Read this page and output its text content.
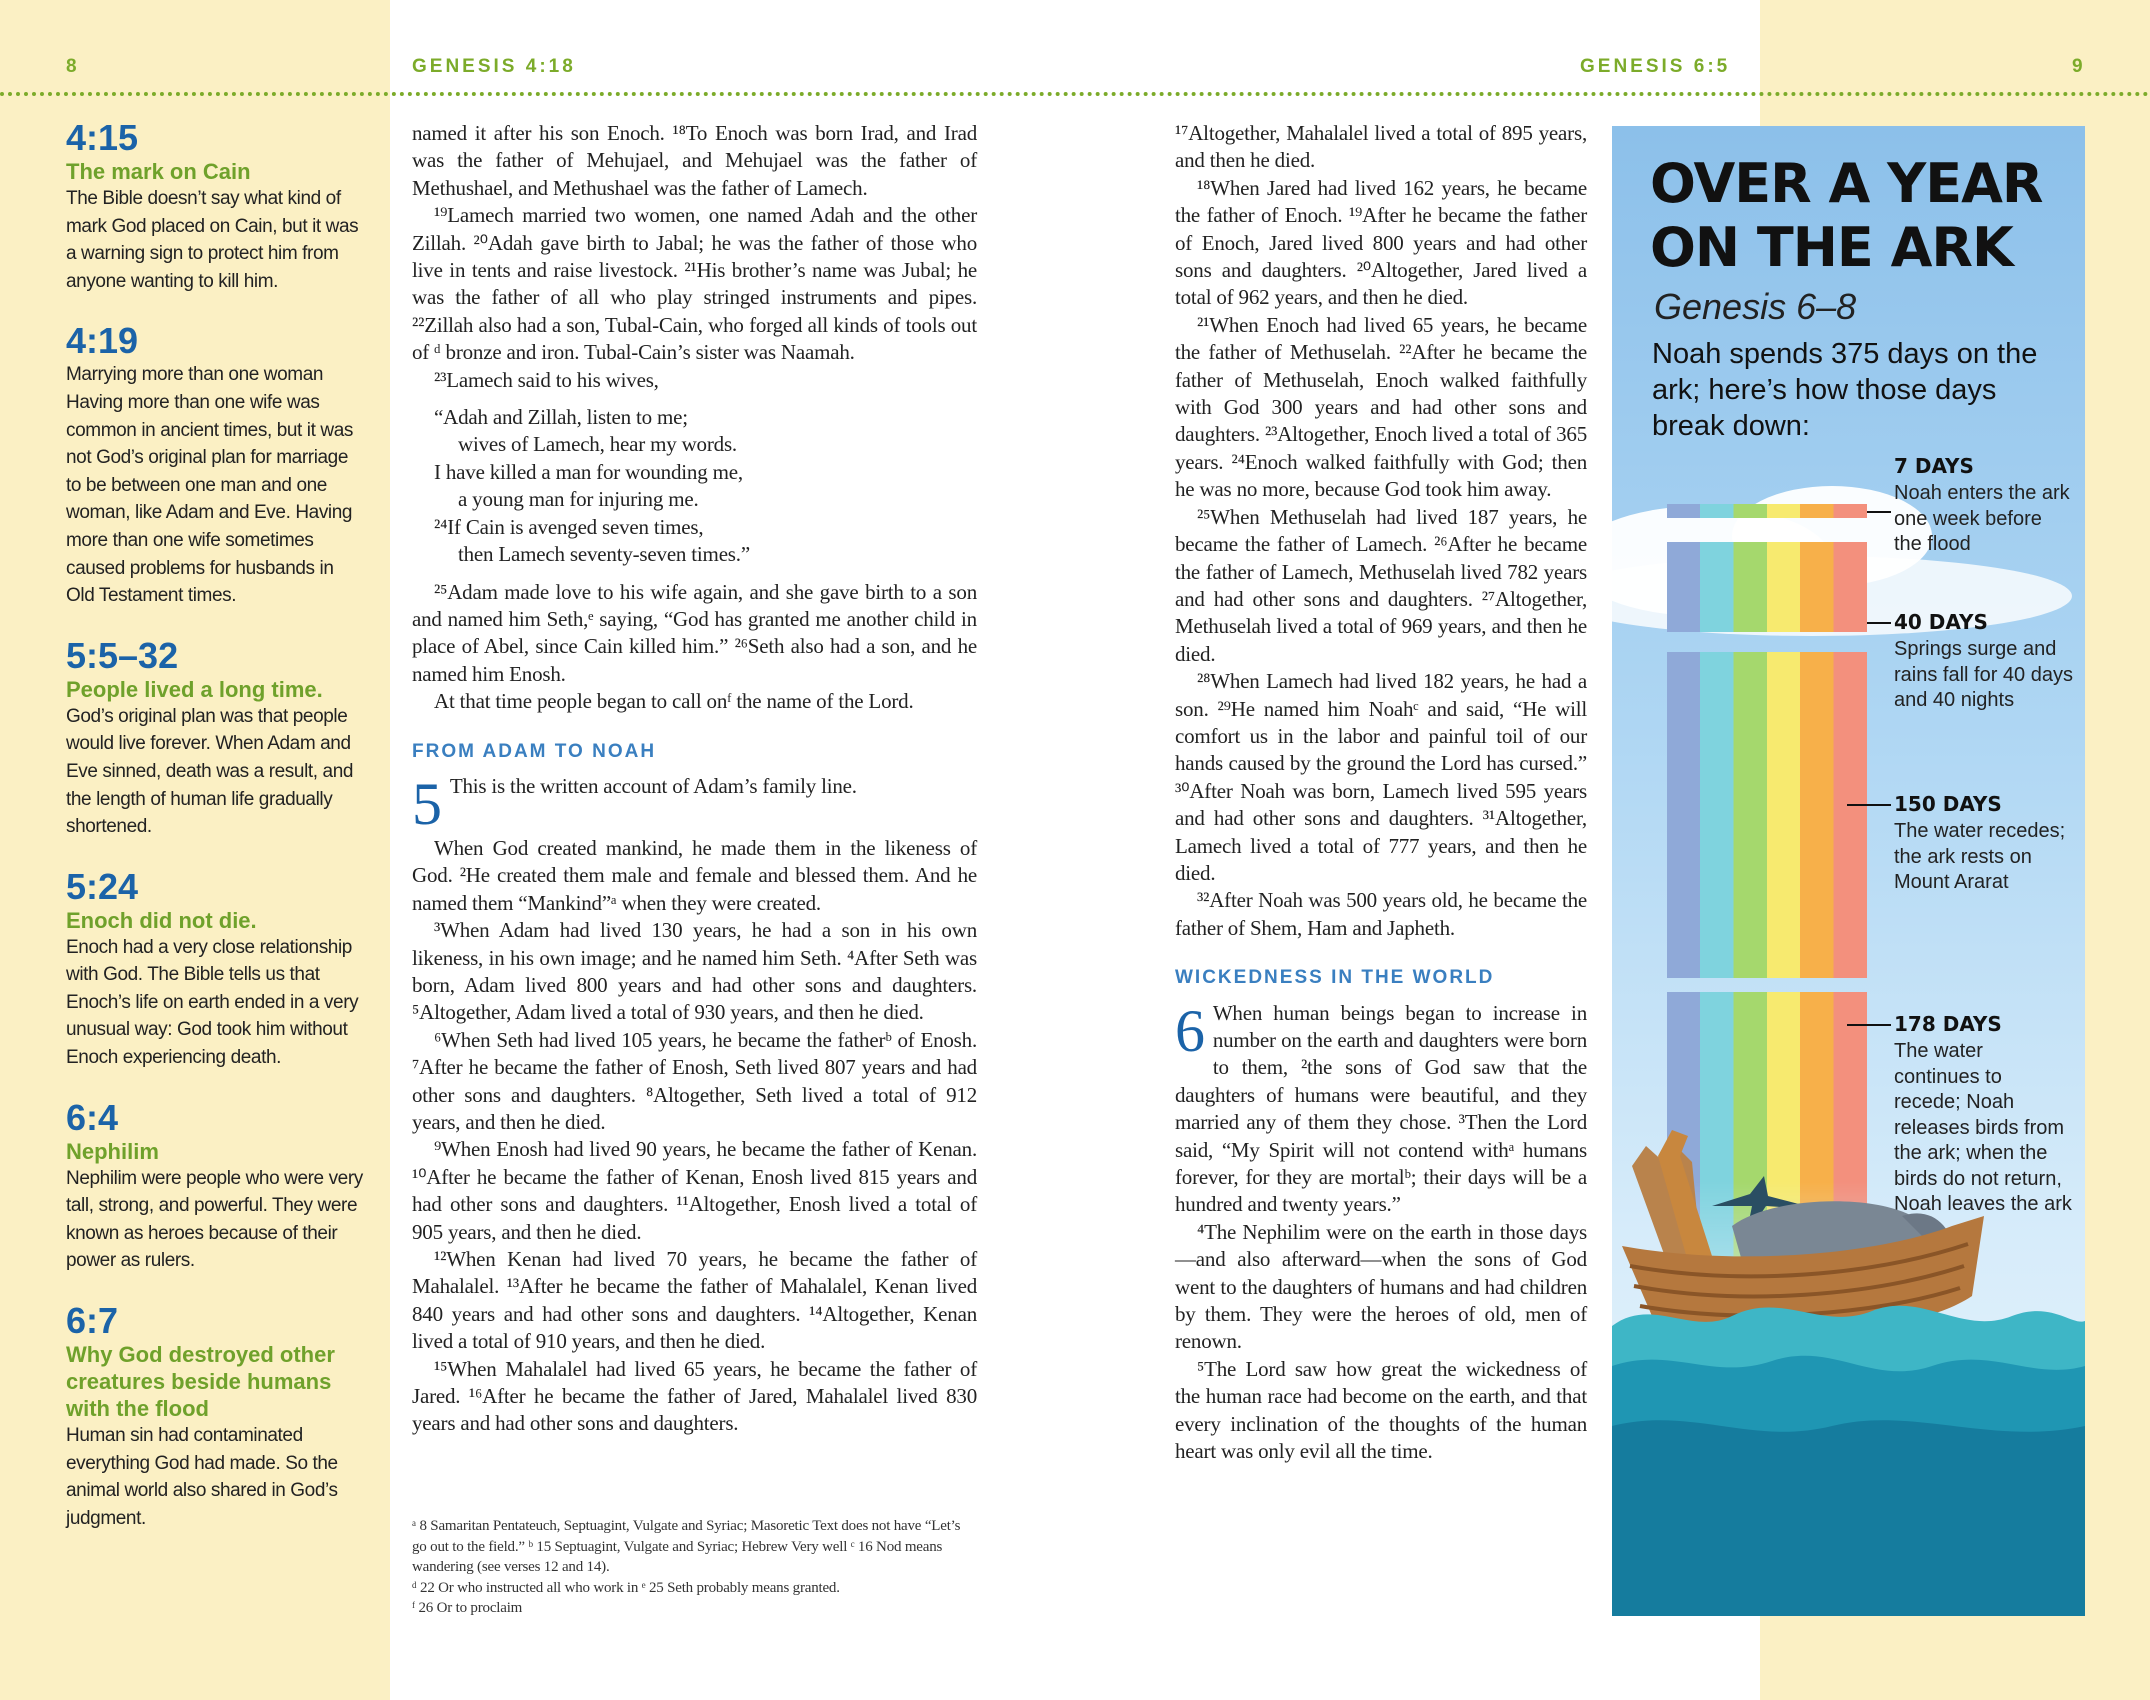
8	GENESIS 4:18	GENESIS 6:5	9
4:15
The mark on Cain
The Bible doesn’t say what kind of mark God placed on Cain, but it was a warning sign to protect him from anyone wanting to kill him.
4:19
Marrying more than one woman Having more than one wife was common in ancient times, but it was not God’s original plan for marriage to be between one man and one woman, like Adam and Eve. Having more than one wife sometimes caused problems for husbands in Old Testament times.
5:5–32
People lived a long time.
God’s original plan was that people would live forever. When Adam and Eve sinned, death was a result, and the length of human life gradually shortened.
5:24
Enoch did not die.
Enoch had a very close relationship with God. The Bible tells us that Enoch’s life on earth ended in a very unusual way: God took him without Enoch experiencing death.
6:4
Nephilim
Nephilim were people who were very tall, strong, and powerful. They were known as heroes because of their power as rulers.
6:7
Why God destroyed other creatures beside humans with the flood
Human sin had contaminated everything God had made. So the animal world also shared in God’s judgment.

named it after his son Enoch. ¹⁸To Enoch was born Irad, and Irad was the father of Mehujael, and Mehujael was the father of Methushael, and Methushael was the father of Lamech.

¹⁹Lamech married two women, one named Adah and the other Zillah. ²⁰Adah gave birth to Jabal; he was the father of those who live in tents and raise livestock. ²¹His brother’s name was Jubal; he was the father of all who play stringed instruments and pipes. ²²Zillah also had a son, Tubal-Cain, who forged all kinds of tools out of ᵈ bronze and iron. Tubal-Cain’s sister was Naamah.

²³Lamech said to his wives,

“Adah and Zillah, listen to me;
wives of Lamech, hear my words.
I have killed a man for wounding me,
a young man for injuring me.
²⁴If Cain is avenged seven times,
then Lamech seventy-seven times.”

²⁵Adam made love to his wife again, and she gave birth to a son and named him Seth,ᵉ saying, “God has granted me another child in place of Abel, since Cain killed him.” ²⁶Seth also had a son, and he named him Enosh.

At that time people began to call onᶠ the name of the Lord.

FROM ADAM TO NOAH
5 This is the written account of Adam’s family line.

When God created mankind, he made them in the likeness of God. ²He created them male and female and blessed them. And he named them “Mankind”ᵃ when they were created.

³When Adam had lived 130 years, he had a son in his own likeness, in his own image; and he named him Seth. ⁴After Seth was born, Adam lived 800 years and had other sons and daughters. ⁵Altogether, Adam lived a total of 930 years, and then he died.

⁶When Seth had lived 105 years, he became the fatherᵇ of Enosh. ⁷After he became the father of Enosh, Seth lived 807 years and had other sons and daughters. ⁸Altogether, Seth lived a total of 912 years, and then he died.

⁹When Enosh had lived 90 years, he became the father of Kenan. ¹⁰After he became the father of Kenan, Enosh lived 815 years and had other sons and daughters. ¹¹Altogether, Enosh lived a total of 905 years, and then he died.

¹²When Kenan had lived 70 years, he became the father of Mahalalel. ¹³After he became the father of Mahalalel, Kenan lived 840 years and had other sons and daughters. ¹⁴Altogether, Kenan lived a total of 910 years, and then he died.

¹⁵When Mahalalel had lived 65 years, he became the father of Jared. ¹⁶After he became the father of Jared, Mahalalel lived 830 years and had other sons and daughters.

ᵃ 8 Samaritan Pentateuch, Septuagint, Vulgate and Syriac; Masoretic Text does not have “Let’s go out to the field.” ᵇ 15 Septuagint, Vulgate and Syriac; Hebrew Very well ᶜ 16 Nod means wandering (see verses 12 and 14).

ᵈ 22 Or who instructed all who work in ᵉ 25 Seth probably means granted.

ᶠ 26 Or to proclaim

¹⁷Altogether, Mahalalel lived a total of 895 years, and then he died.

¹⁸When Jared had lived 162 years, he became the father of Enoch. ¹⁹After he became the father of Enoch, Jared lived 800 years and had other sons and daughters. ²⁰Altogether, Jared lived a total of 962 years, and then he died.

²¹When Enoch had lived 65 years, he became the father of Methuselah. ²²After he became the father of Methuselah, Enoch walked faithfully with God 300 years and had other sons and daughters. ²³Altogether, Enoch lived a total of 365 years. ²⁴Enoch walked faithfully with God; then he was no more, because God took him away.

²⁵When Methuselah had lived 187 years, he became the father of Lamech. ²⁶After he became the father of Lamech, Methuselah lived 782 years and had other sons and daughters. ²⁷Altogether, Methuselah lived a total of 969 years, and then he died.

²⁸When Lamech had lived 182 years, he had a son. ²⁹He named him Noahᶜ and said, “He will comfort us in the labor and painful toil of our hands caused by the ground the Lord has cursed.” ³⁰After Noah was born, Lamech lived 595 years and had other sons and daughters. ³¹Altogether, Lamech lived a total of 777 years, and then he died.

³²After Noah was 500 years old, he became the father of Shem, Ham and Japheth.

WICKEDNESS IN THE WORLD
6 When human beings began to increase in number on the earth and daughters were born to them, ²the sons of God saw that the daughters of humans were beautiful, and they married any of them they chose. ³Then the Lord said, “My Spirit will not contend withᵃ humans forever, for they are mortalᵇ; their days will be a hundred and twenty years.”

⁴The Nephilim were on the earth in those days—and also afterward—when the sons of God went to the daughters of humans and had children by them. They were the heroes of old, men of renown.

⁵The Lord saw how great the wickedness of the human race had become on the earth, and that every inclination of the thoughts of the human heart was only evil all the time.

OVER A YEAR
ON THE ARK
Genesis 6–8
Noah spends 375 days on the ark; here’s how those days break down:
7 DAYS
Noah enters the ark one week before the flood
40 DAYS
Springs surge and rains fall for 40 days and 40 nights
150 DAYS
The water recedes; the ark rests on Mount Ararat
178 DAYS
The water continues to recede; Noah releases birds from the ark; when the birds do not return, Noah leaves the ark
